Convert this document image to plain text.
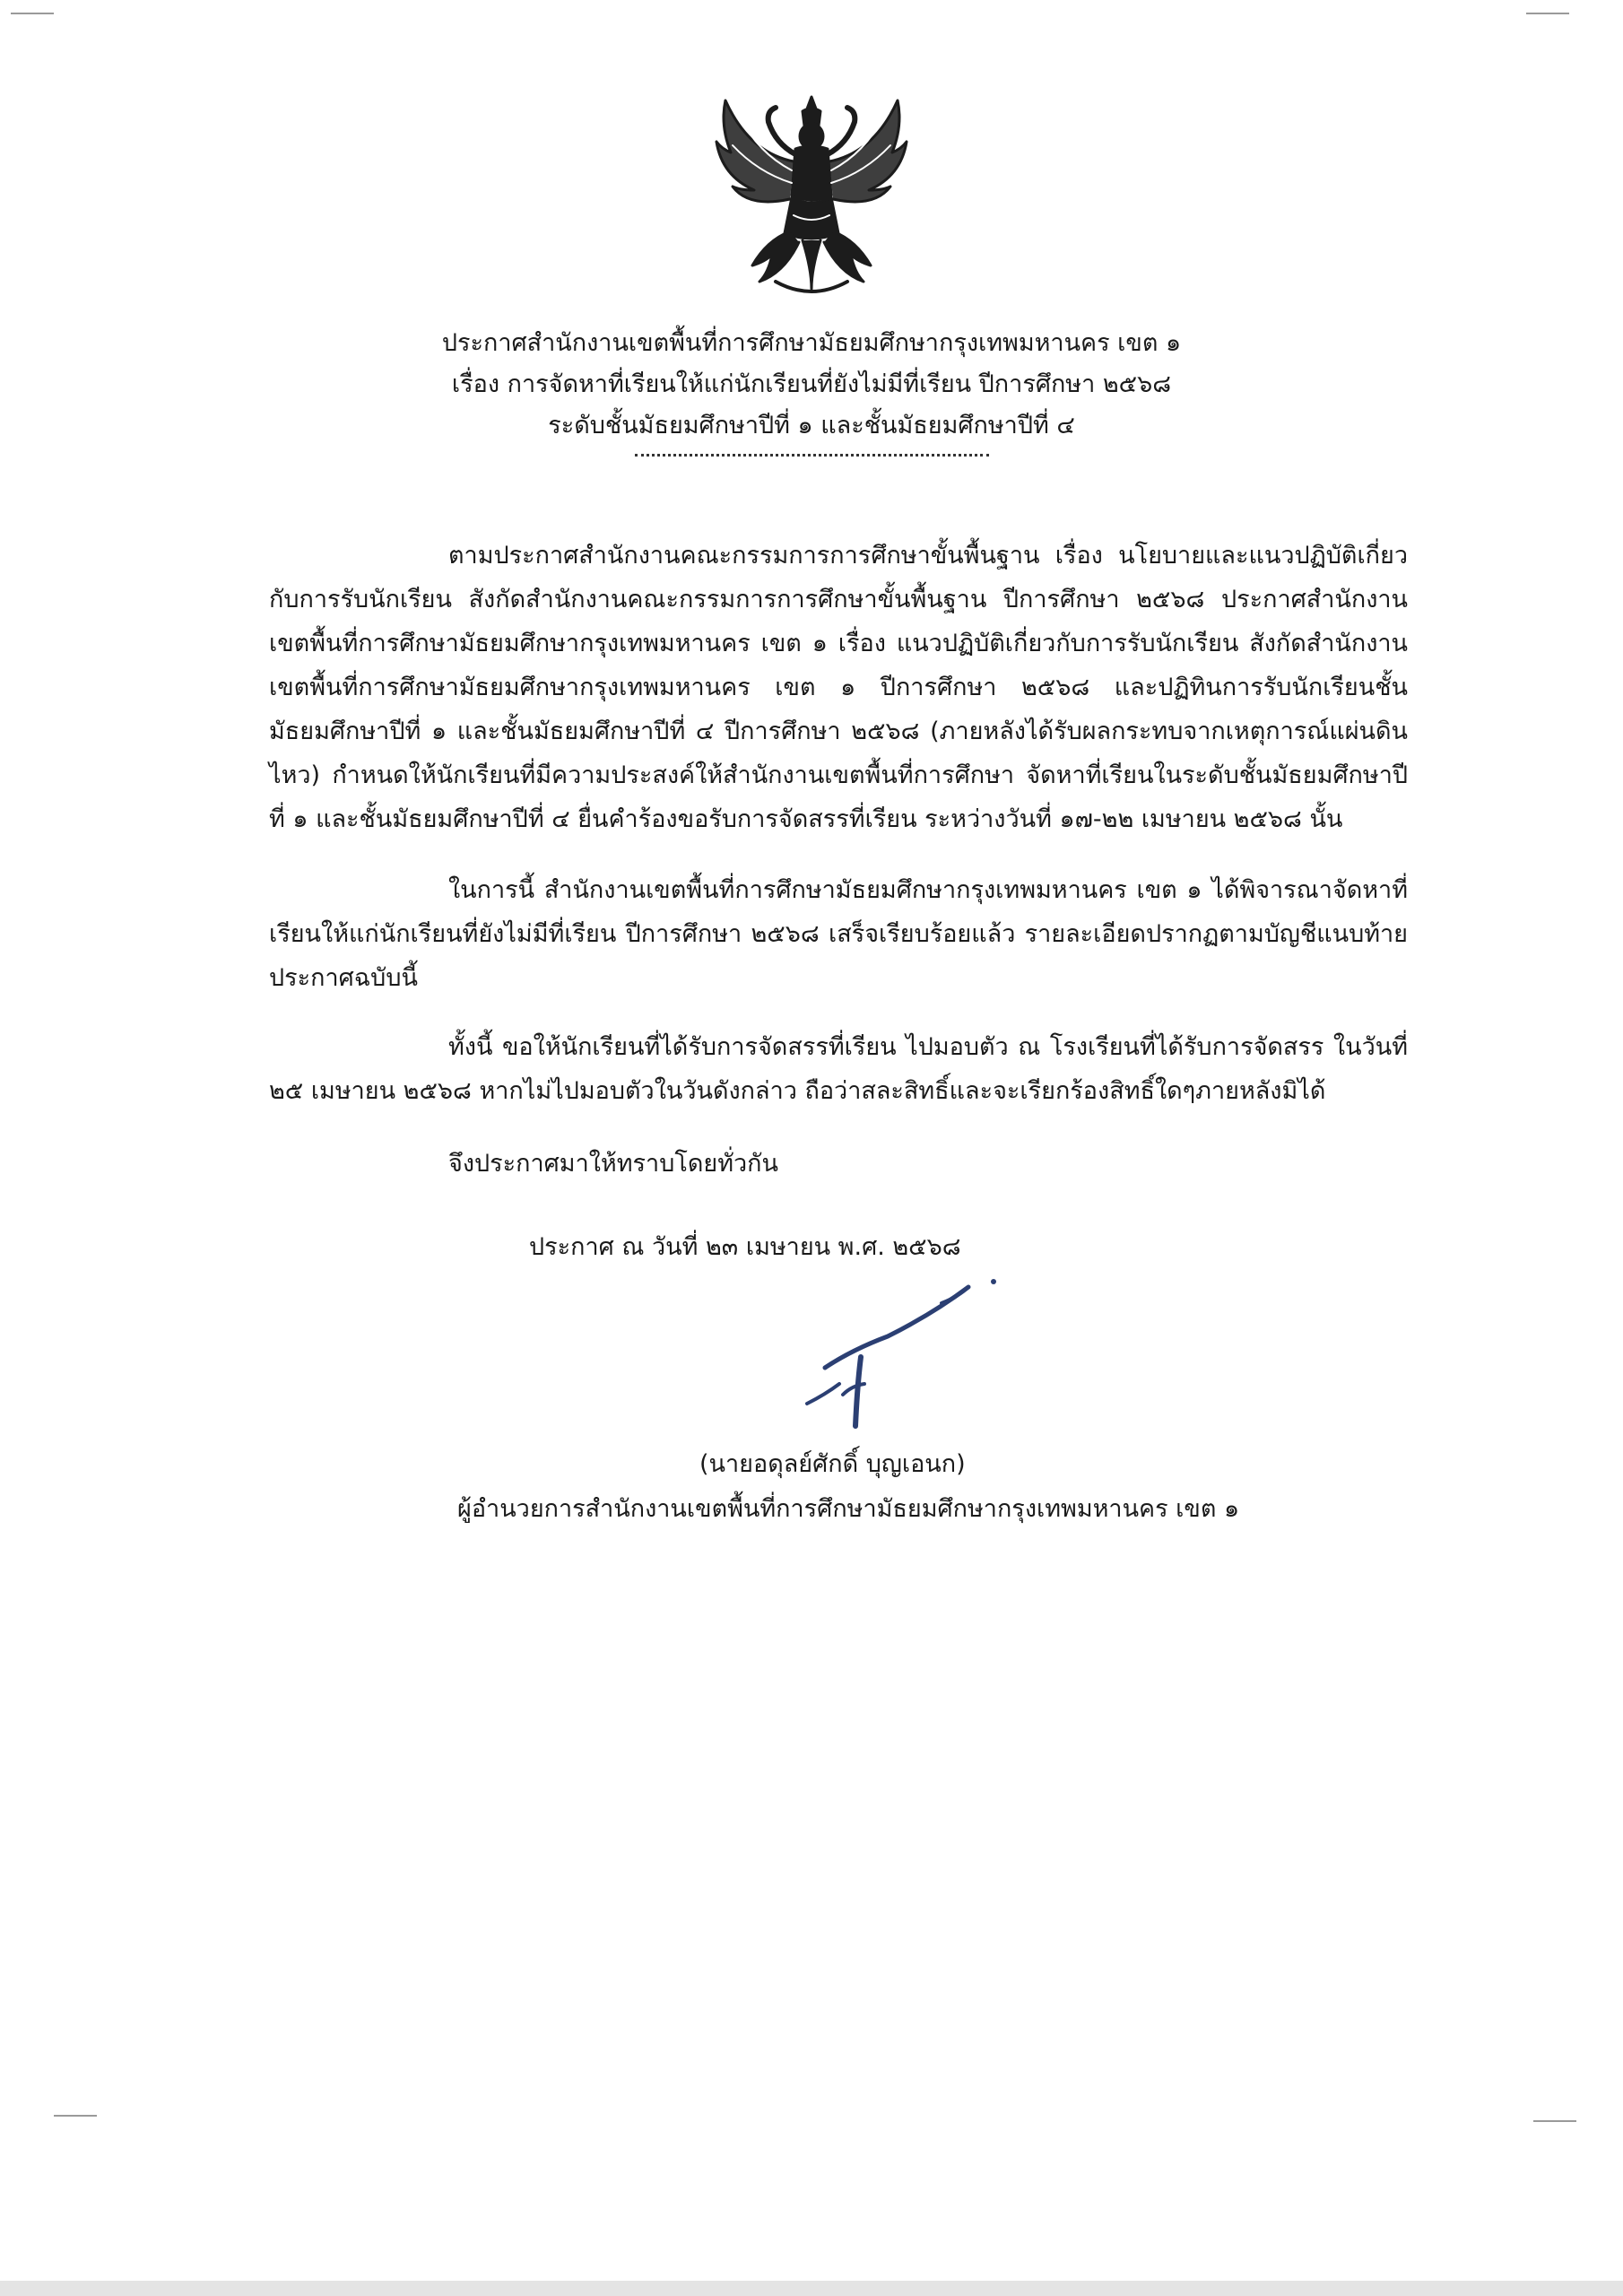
ประกาศสำนักงานเขตพื้นที่การศึกษามัธยมศึกษากรุงเทพมหานคร เขต ๑
เรื่อง การจัดหาที่เรียนให้แก่นักเรียนที่ยังไม่มีที่เรียน ปีการศึกษา ๒๕๖๘
ระดับชั้นมัธยมศึกษาปีที่ ๑ และชั้นมัธยมศึกษาปีที่ ๔

ตามประกาศสำนักงานคณะกรรมการการศึกษาขั้นพื้นฐาน เรื่อง นโยบายและแนวปฏิบัติเกี่ยวกับการรับนักเรียน สังกัดสำนักงานคณะกรรมการการศึกษาขั้นพื้นฐาน ปีการศึกษา ๒๕๖๘ ประกาศสำนักงานเขตพื้นที่การศึกษามัธยมศึกษากรุงเทพมหานคร เขต ๑ เรื่อง แนวปฏิบัติเกี่ยวกับการรับนักเรียน สังกัดสำนักงานเขตพื้นที่การศึกษามัธยมศึกษากรุงเทพมหานคร เขต ๑ ปีการศึกษา ๒๕๖๘ และปฏิทินการรับนักเรียนชั้นมัธยมศึกษาปีที่ ๑ และชั้นมัธยมศึกษาปีที่ ๔ ปีการศึกษา ๒๕๖๘ (ภายหลังได้รับผลกระทบจากเหตุการณ์แผ่นดินไหว) กำหนดให้นักเรียนที่มีความประสงค์ให้สำนักงานเขตพื้นที่การศึกษา จัดหาที่เรียนในระดับชั้นมัธยมศึกษาปีที่ ๑ และชั้นมัธยมศึกษาปีที่ ๔ ยื่นคำร้องขอรับการจัดสรรที่เรียน ระหว่างวันที่ ๑๗-๒๒ เมษายน ๒๕๖๘ นั้น

ในการนี้ สำนักงานเขตพื้นที่การศึกษามัธยมศึกษากรุงเทพมหานคร เขต ๑ ได้พิจารณาจัดหาที่เรียนให้แก่นักเรียนที่ยังไม่มีที่เรียน ปีการศึกษา ๒๕๖๘ เสร็จเรียบร้อยแล้ว รายละเอียดปรากฏตามบัญชีแนบท้ายประกาศฉบับนี้

ทั้งนี้ ขอให้นักเรียนที่ได้รับการจัดสรรที่เรียน ไปมอบตัว ณ โรงเรียนที่ได้รับการจัดสรร ในวันที่ ๒๕ เมษายน ๒๕๖๘ หากไม่ไปมอบตัวในวันดังกล่าว ถือว่าสละสิทธิ์และจะเรียกร้องสิทธิ์ใดๆภายหลังมิได้

จึงประกาศมาให้ทราบโดยทั่วกัน
ประกาศ ณ วันที่ ๒๓ เมษายน พ.ศ. ๒๕๖๘
(นายอดุลย์ศักดิ์ บุญเอนก)
ผู้อำนวยการสำนักงานเขตพื้นที่การศึกษามัธยมศึกษากรุงเทพมหานคร เขต ๑
